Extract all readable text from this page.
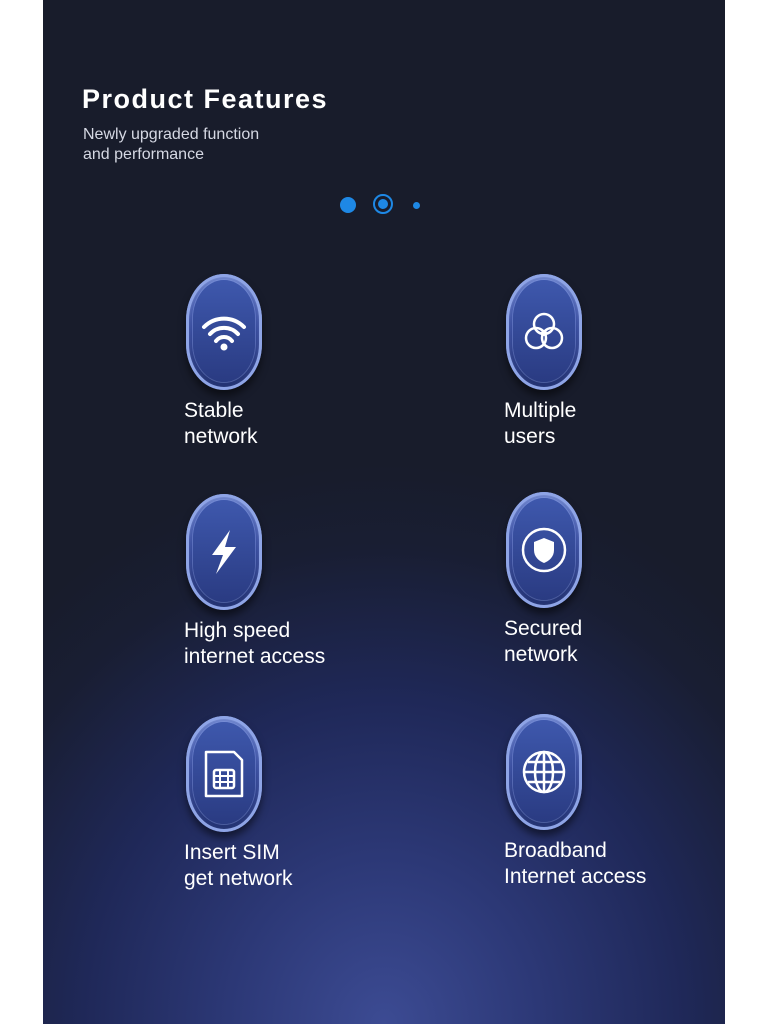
Product Features
Newly upgraded function
and performance
Stable
network
Multiple
users
High speed
internet access
Secured
network
Insert SIM
get network
Broadband
Internet access
